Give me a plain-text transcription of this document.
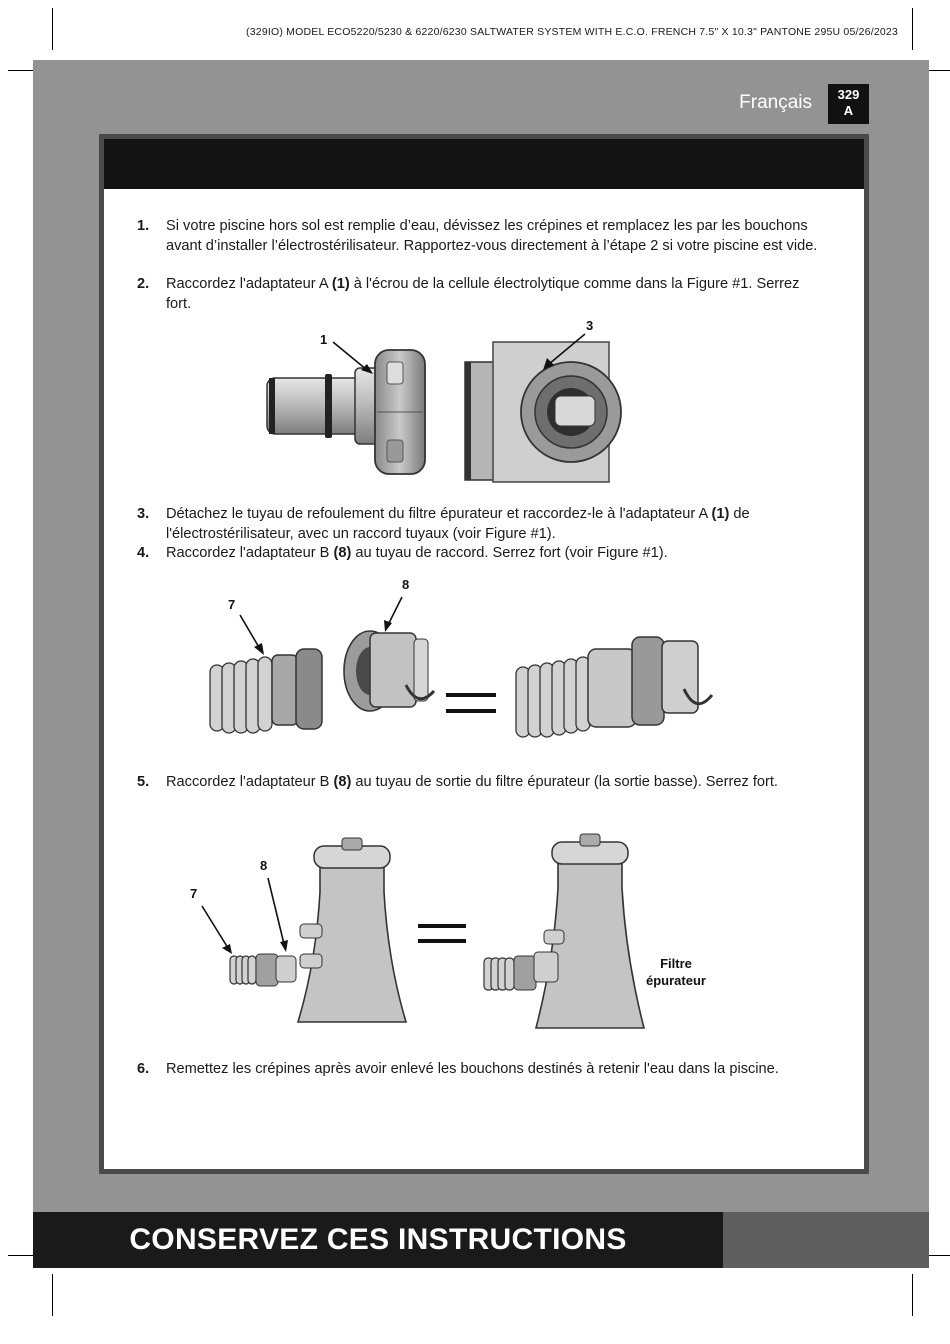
(329IO) MODEL ECO5220/5230 & 6220/6230 SALTWATER SYSTEM WITH E.C.O. FRENCH 7.5" X 10.3" PANTONE 295U 05/26/2023
Français	329
A
1. Si votre piscine hors sol est remplie d’eau, dévissez les crépines et remplacez les par les bouchons avant d’installer l’électrostérilisateur. Rapportez-vous directement à l’étape 2 si votre piscine est vide.
2. Raccordez l'adaptateur A (1) à l'écrou de la cellule électrolytique comme dans la Figure #1. Serrez fort.
1
3
3. Détachez le tuyau de refoulement du filtre épurateur et raccordez-le à l'adaptateur A (1) de l'électrostérilisateur, avec un raccord tuyaux (voir Figure #1).
4. Raccordez l'adaptateur B (8) au tuyau de raccord. Serrez fort (voir Figure #1).
7
8
5. Raccordez l'adaptateur B (8) au tuyau de sortie du filtre épurateur (la sortie basse). Serrez fort.
8
7
Filtre
épurateur
6. Remettez les crépines après avoir enlevé les bouchons destinés à retenir l'eau dans la piscine.
CONSERVEZ CES INSTRUCTIONS
